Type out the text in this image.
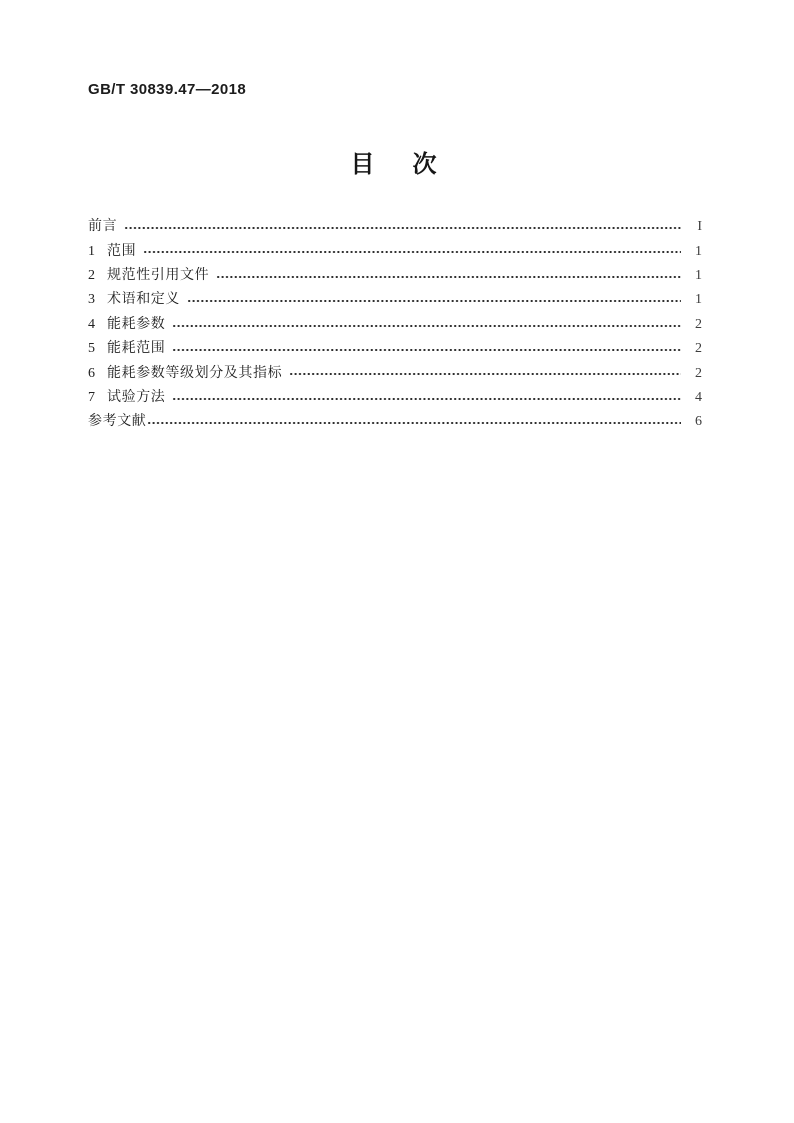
GB/T 30839.47—2018
目　次
前言	I
1 范围	1
2 规范性引用文件	1
3 术语和定义	1
4 能耗参数	2
5 能耗范围	2
6 能耗参数等级划分及其指标	2
7 试验方法	4
参考文献	6
